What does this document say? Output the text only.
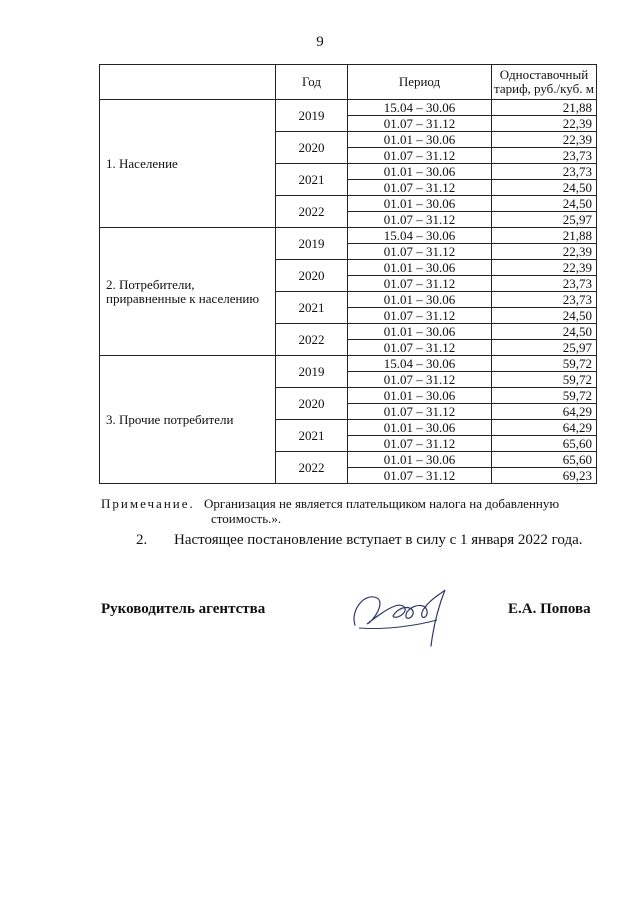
9
	Год	Период	Одноставочный тариф, руб./куб. м
1. Население	2019	15.04 – 30.06	21,88
		01.07 – 31.12	22,39
	2020	01.01 – 30.06	22,39
		01.07 – 31.12	23,73
	2021	01.01 – 30.06	23,73
		01.07 – 31.12	24,50
	2022	01.01 – 30.06	24,50
		01.07 – 31.12	25,97
2. Потребители, приравненные к населению	2019	15.04 – 30.06	21,88
		01.07 – 31.12	22,39
	2020	01.01 – 30.06	22,39
		01.07 – 31.12	23,73
	2021	01.01 – 30.06	23,73
		01.07 – 31.12	24,50
	2022	01.01 – 30.06	24,50
		01.07 – 31.12	25,97
3. Прочие потребители	2019	15.04 – 30.06	59,72
		01.07 – 31.12	59,72
	2020	01.01 – 30.06	59,72
		01.07 – 31.12	64,29
	2021	01.01 – 30.06	64,29
		01.07 – 31.12	65,60
	2022	01.01 – 30.06	65,60
		01.07 – 31.12	69,23
Примечание. Организация не является плательщиком налога на добавленную
стоимость.».
2. Настоящее постановление вступает в силу с 1 января 2022 года.
Руководитель агентства	Е.А. Попова
